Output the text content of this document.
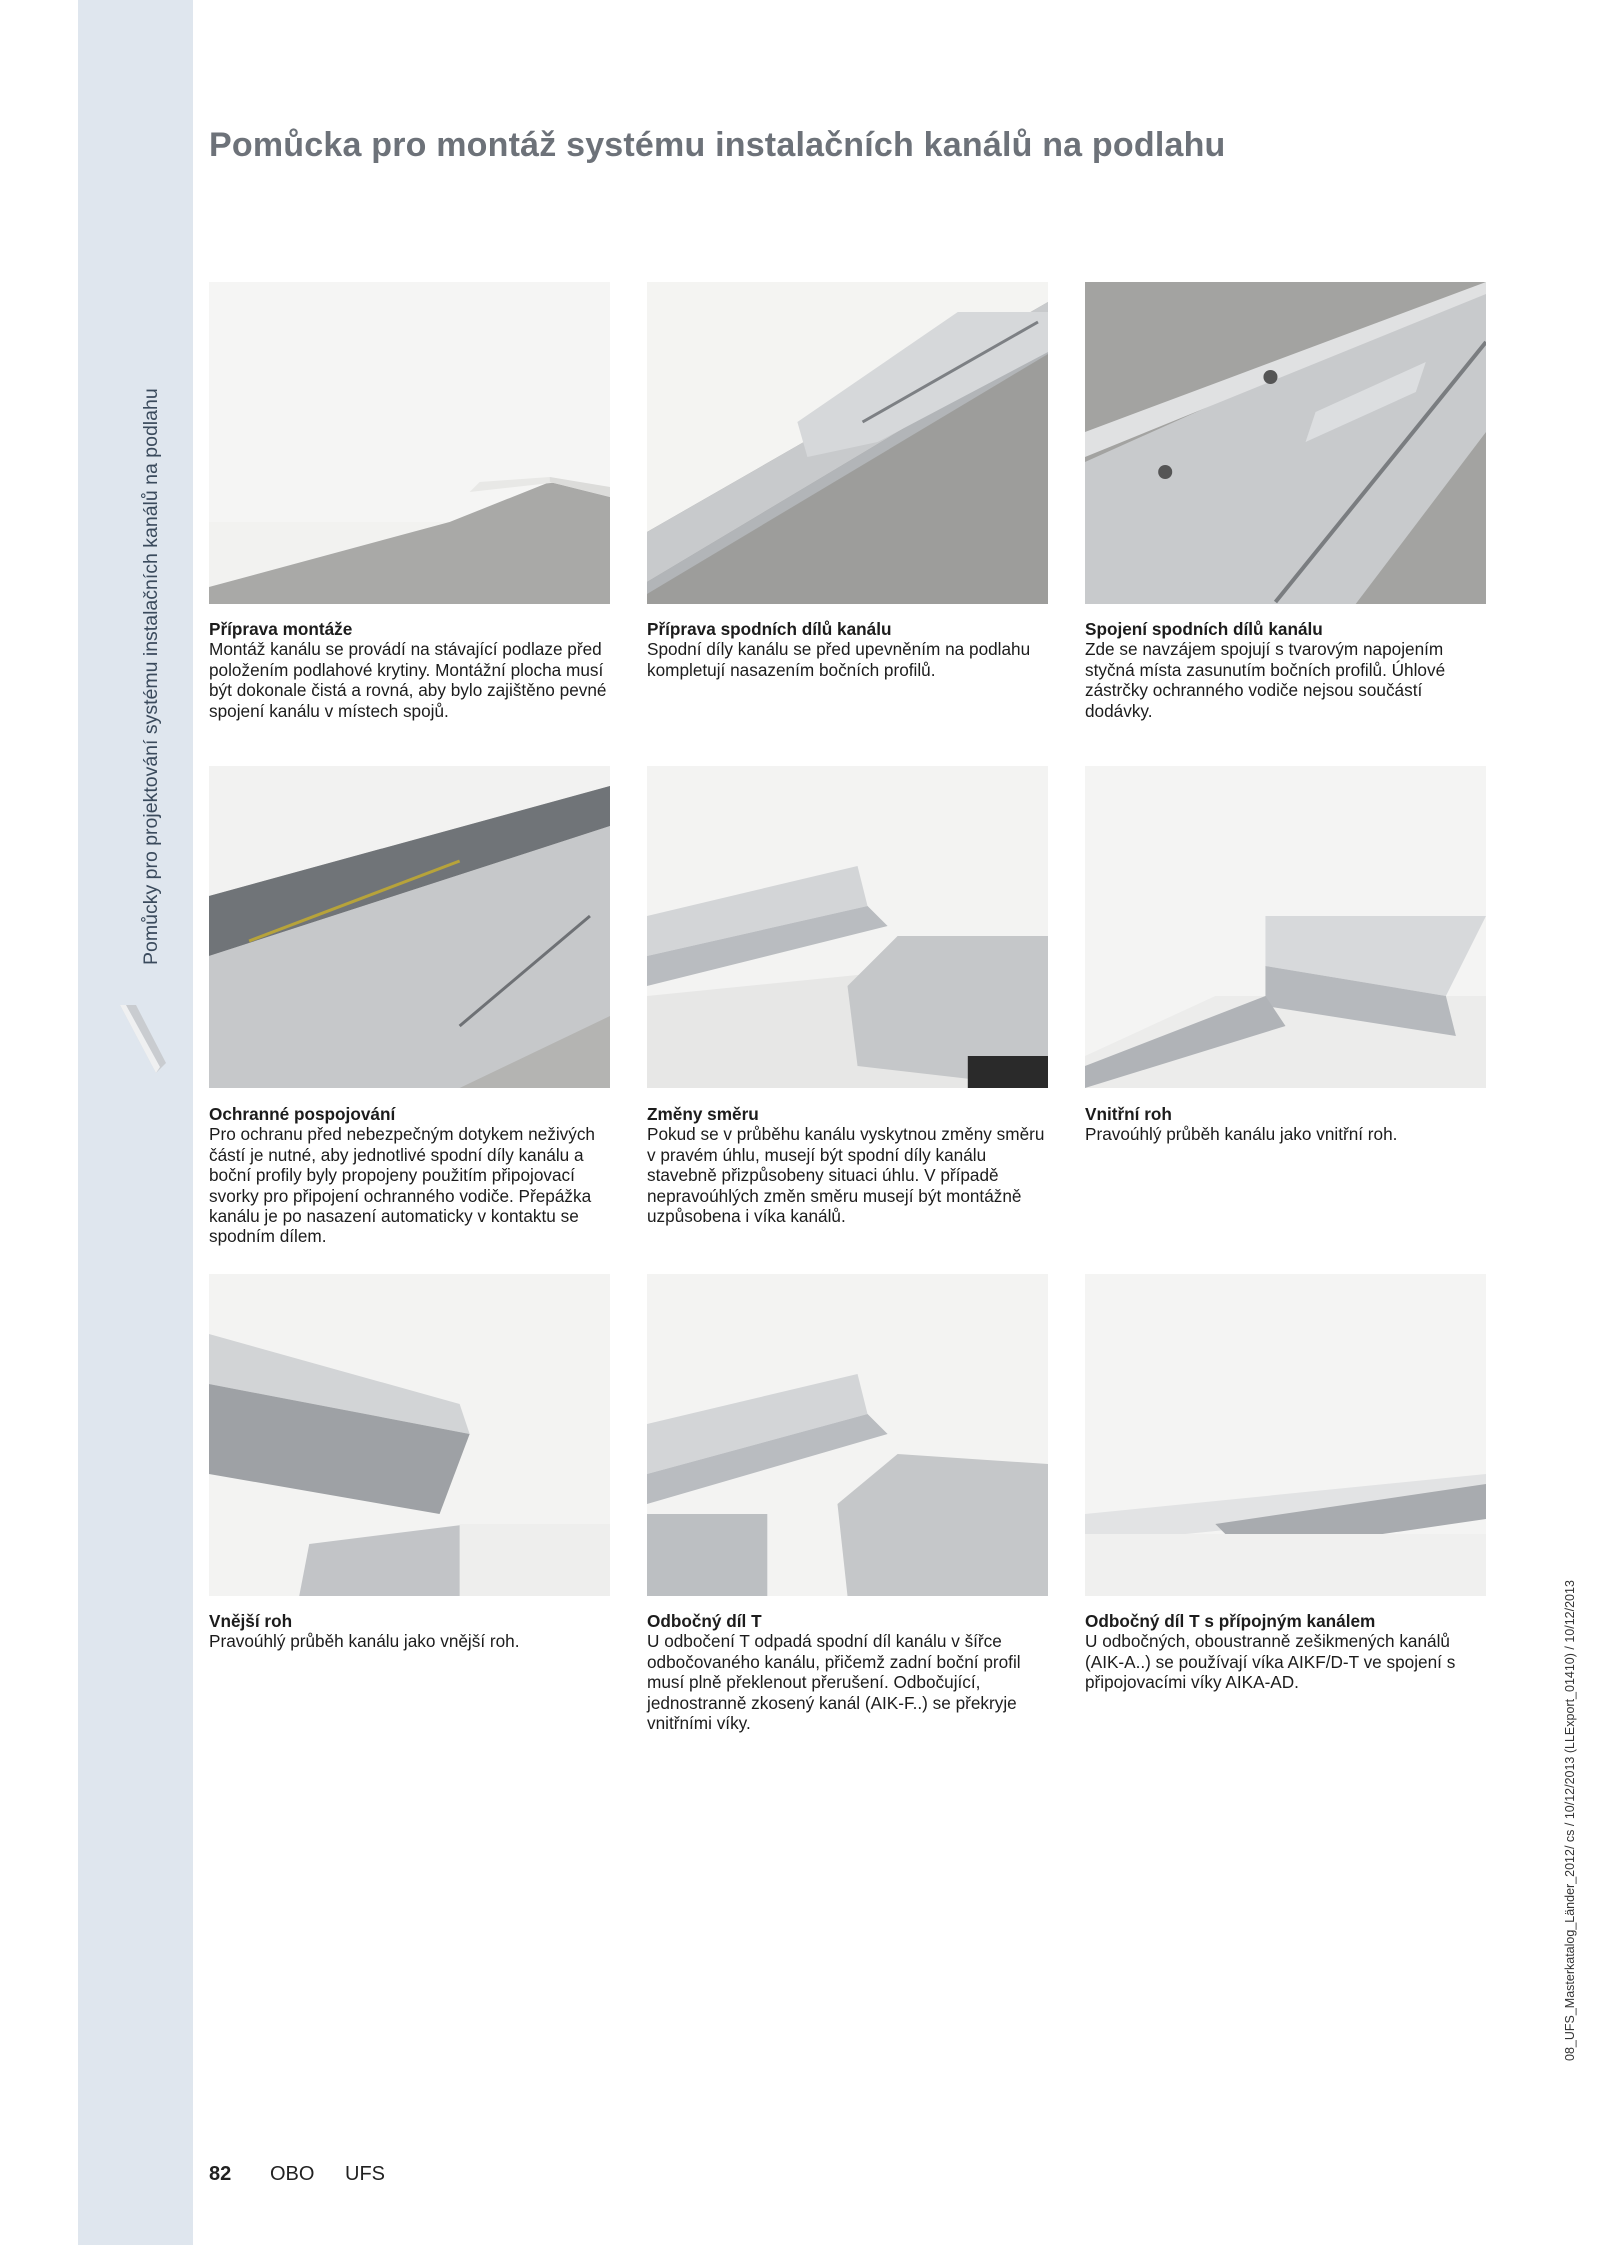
Pomůcky pro projektování systému instalačních kanálů na podlahu
Pomůcka pro montáž systému instalačních kanálů na podlahu
Příprava montáže
Montáž kanálu se provádí na stávající podlaze před položením podlahové krytiny. Montážní plocha musí být dokonale čistá a rovná, aby bylo zajištěno pevné spojení kanálu v místech spojů.
Příprava spodních dílů kanálu
Spodní díly kanálu se před upevněním na podlahu kompletují nasazením bočních profilů.
Spojení spodních dílů kanálu
Zde se navzájem spojují s tvarovým napojením styčná místa zasunutím bočních profilů. Úhlové zástrčky ochranného vodiče nejsou součástí dodávky.
Ochranné pospojování
Pro ochranu před nebezpečným dotykem neživých částí je nutné, aby jednotlivé spodní díly kanálu a boční profily byly propojeny použitím připojovací svorky pro připojení ochranného vodiče. Přepážka kanálu je po nasazení automaticky v kontaktu se spodním dílem.
Změny směru
Pokud se v průběhu kanálu vyskytnou změny směru v pravém úhlu, musejí být spodní díly kanálu stavebně přizpůsobeny situaci úhlu. V případě nepravoúhlých změn směru musejí být montážně uzpůsobena i víka kanálů.
Vnitřní roh
Pravoúhlý průběh kanálu jako vnitřní roh.
Vnější roh
Pravoúhlý průběh kanálu jako vnější roh.
Odbočný díl T
U odbočení T odpadá spodní díl kanálu v šířce odbočovaného kanálu, přičemž zadní boční profil musí plně překlenout přerušení. Odbočující, jednostranně zkosený kanál (AIK-F..) se překryje vnitřními víky.
Odbočný díl T s přípojným kanálem
U odbočných, oboustranně zešikmených kanálů (AIK-A..) se používají víka AIKF/D-T ve spojení s připojovacími víky AIKA-AD.
82 OBO UFS
08_UFS_Masterkatalog_Länder_2012/ cs / 10/12/2013 (LLExport_01410) / 10/12/2013
